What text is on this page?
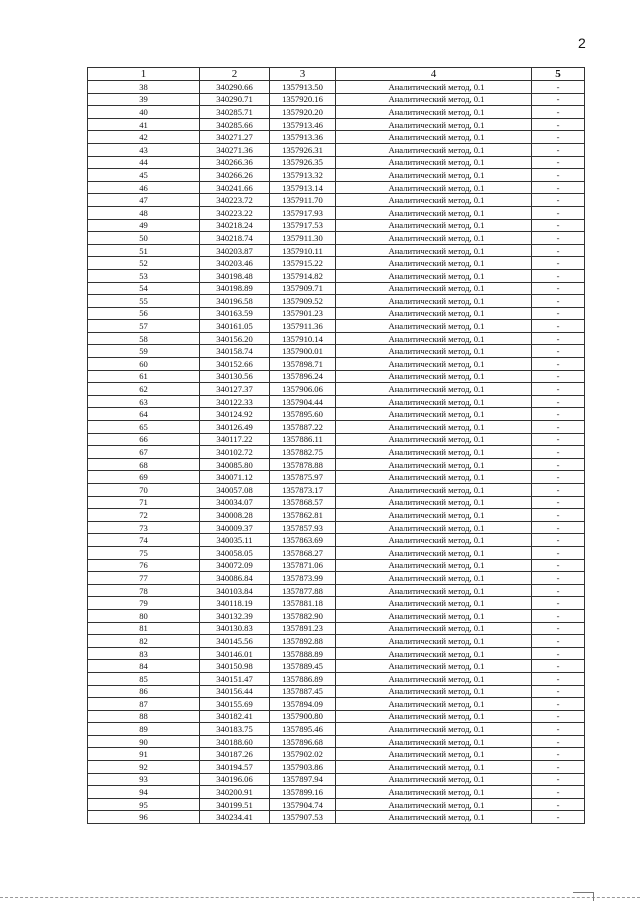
2
1	2	3	4	5
38	340290.66	1357913.50	Аналитический метод, 0.1	-
39	340290.71	1357920.16	Аналитический метод, 0.1	-
40	340285.71	1357920.20	Аналитический метод, 0.1	-
41	340285.66	1357913.46	Аналитический метод, 0.1	-
42	340271.27	1357913.36	Аналитический метод, 0.1	-
43	340271.36	1357926.31	Аналитический метод, 0.1	-
44	340266.36	1357926.35	Аналитический метод, 0.1	-
45	340266.26	1357913.32	Аналитический метод, 0.1	-
46	340241.66	1357913.14	Аналитический метод, 0.1	-
47	340223.72	1357911.70	Аналитический метод, 0.1	-
48	340223.22	1357917.93	Аналитический метод, 0.1	-
49	340218.24	1357917.53	Аналитический метод, 0.1	-
50	340218.74	1357911.30	Аналитический метод, 0.1	-
51	340203.87	1357910.11	Аналитический метод, 0.1	-
52	340203.46	1357915.22	Аналитический метод, 0.1	-
53	340198.48	1357914.82	Аналитический метод, 0.1	-
54	340198.89	1357909.71	Аналитический метод, 0.1	-
55	340196.58	1357909.52	Аналитический метод, 0.1	-
56	340163.59	1357901.23	Аналитический метод, 0.1	-
57	340161.05	1357911.36	Аналитический метод, 0.1	-
58	340156.20	1357910.14	Аналитический метод, 0.1	-
59	340158.74	1357900.01	Аналитический метод, 0.1	-
60	340152.66	1357898.71	Аналитический метод, 0.1	-
61	340130.56	1357896.24	Аналитический метод, 0.1	-
62	340127.37	1357906.06	Аналитический метод, 0.1	-
63	340122.33	1357904.44	Аналитический метод, 0.1	-
64	340124.92	1357895.60	Аналитический метод, 0.1	-
65	340126.49	1357887.22	Аналитический метод, 0.1	-
66	340117.22	1357886.11	Аналитический метод, 0.1	-
67	340102.72	1357882.75	Аналитический метод, 0.1	-
68	340085.80	1357878.88	Аналитический метод, 0.1	-
69	340071.12	1357875.97	Аналитический метод, 0.1	-
70	340057.08	1357873.17	Аналитический метод, 0.1	-
71	340034.07	1357868.57	Аналитический метод, 0.1	-
72	340008.28	1357862.81	Аналитический метод, 0.1	-
73	340009.37	1357857.93	Аналитический метод, 0.1	-
74	340035.11	1357863.69	Аналитический метод, 0.1	-
75	340058.05	1357868.27	Аналитический метод, 0.1	-
76	340072.09	1357871.06	Аналитический метод, 0.1	-
77	340086.84	1357873.99	Аналитический метод, 0.1	-
78	340103.84	1357877.88	Аналитический метод, 0.1	-
79	340118.19	1357881.18	Аналитический метод, 0.1	-
80	340132.39	1357882.90	Аналитический метод, 0.1	-
81	340130.83	1357891.23	Аналитический метод, 0.1	-
82	340145.56	1357892.88	Аналитический метод, 0.1	-
83	340146.01	1357888.89	Аналитический метод, 0.1	-
84	340150.98	1357889.45	Аналитический метод, 0.1	-
85	340151.47	1357886.89	Аналитический метод, 0.1	-
86	340156.44	1357887.45	Аналитический метод, 0.1	-
87	340155.69	1357894.09	Аналитический метод, 0.1	-
88	340182.41	1357900.80	Аналитический метод, 0.1	-
89	340183.75	1357895.46	Аналитический метод, 0.1	-
90	340188.60	1357896.68	Аналитический метод, 0.1	-
91	340187.26	1357902.02	Аналитический метод, 0.1	-
92	340194.57	1357903.86	Аналитический метод, 0.1	-
93	340196.06	1357897.94	Аналитический метод, 0.1	-
94	340200.91	1357899.16	Аналитический метод, 0.1	-
95	340199.51	1357904.74	Аналитический метод, 0.1	-
96	340234.41	1357907.53	Аналитический метод, 0.1	-
